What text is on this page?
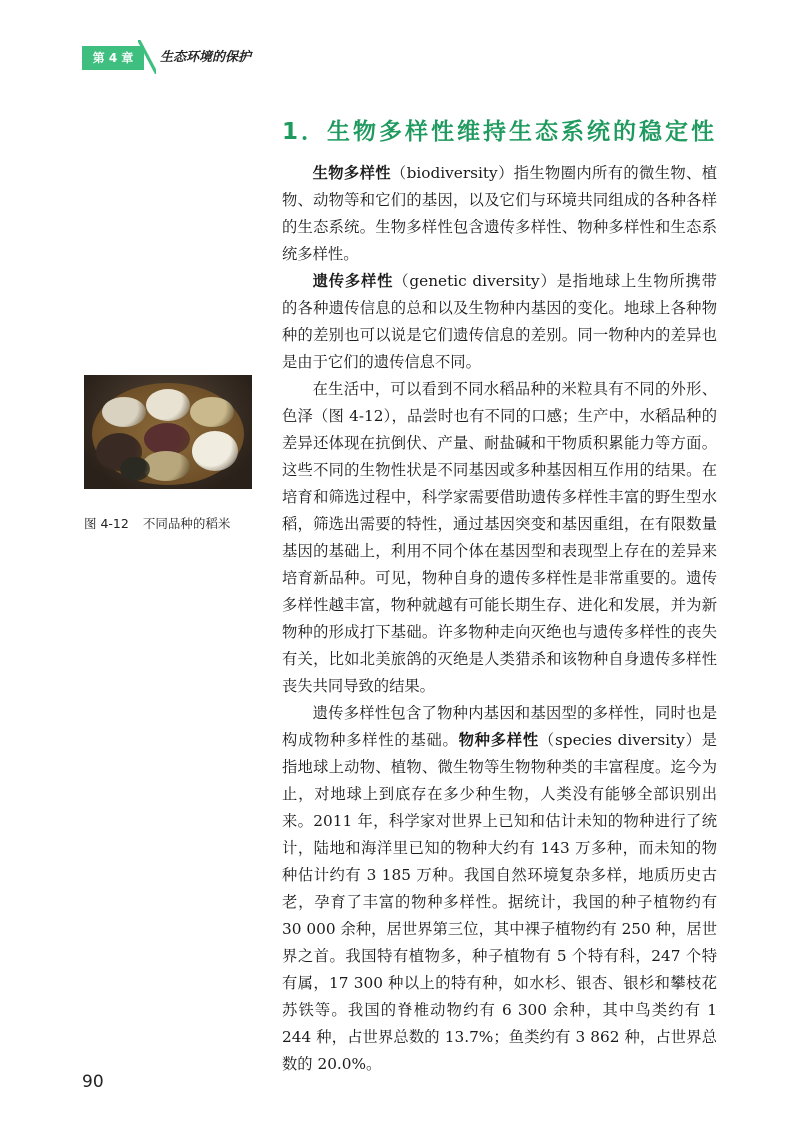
第 4 章	生态环境的保护
1．生物多样性维持生态系统的稳定性

生物多样性（biodiversity）指生物圈内所有的微生物、植物、动物等和它们的基因，以及它们与环境共同组成的各种各样的生态系统。生物多样性包含遗传多样性、物种多样性和生态系统多样性。

遗传多样性（genetic diversity）是指地球上生物所携带的各种遗传信息的总和以及生物种内基因的变化。地球上各种物种的差别也可以说是它们遗传信息的差别。同一物种内的差异也是由于它们的遗传信息不同。

在生活中，可以看到不同水稻品种的米粒具有不同的外形、色泽（图 4-12），品尝时也有不同的口感；生产中，水稻品种的差异还体现在抗倒伏、产量、耐盐碱和干物质积累能力等方面。这些不同的生物性状是不同基因或多种基因相互作用的结果。在培育和筛选过程中，科学家需要借助遗传多样性丰富的野生型水稻，筛选出需要的特性，通过基因突变和基因重组，在有限数量基因的基础上，利用不同个体在基因型和表现型上存在的差异来培育新品种。可见，物种自身的遗传多样性是非常重要的。遗传多样性越丰富，物种就越有可能长期生存、进化和发展，并为新物种的形成打下基础。许多物种走向灭绝也与遗传多样性的丧失有关，比如北美旅鸽的灭绝是人类猎杀和该物种自身遗传多样性丧失共同导致的结果。

遗传多样性包含了物种内基因和基因型的多样性，同时也是构成物种多样性的基础。物种多样性（species diversity）是指地球上动物、植物、微生物等生物物种类的丰富程度。迄今为止，对地球上到底存在多少种生物，人类没有能够全部识别出来。2011 年，科学家对世界上已知和估计未知的物种进行了统计，陆地和海洋里已知的物种大约有 143 万多种，而未知的物种估计约有 3 185 万种。我国自然环境复杂多样，地质历史古老，孕育了丰富的物种多样性。据统计，我国的种子植物约有 30 000 余种，居世界第三位，其中裸子植物约有 250 种，居世界之首。我国特有植物多，种子植物有 5 个特有科，247 个特有属，17 300 种以上的特有种，如水杉、银杏、银杉和攀枝花苏铁等。我国的脊椎动物约有 6 300 余种，其中鸟类约有 1 244 种，占世界总数的 13.7%；鱼类约有 3 862 种，占世界总数的 20.0%。

图 4-12 不同品种的稻米
90
